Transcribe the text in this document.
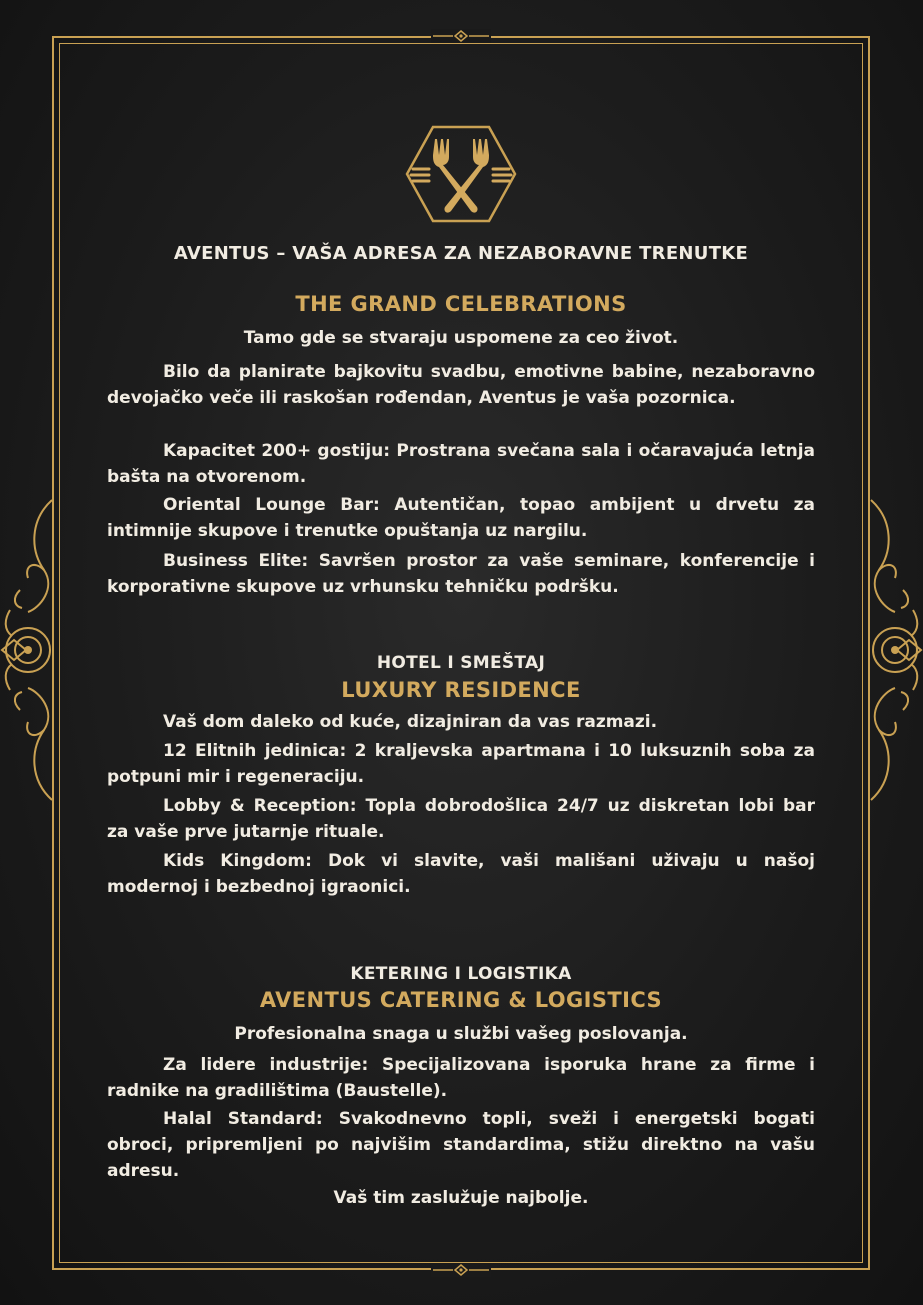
AVENTUS – VAŠA ADRESA ZA NEZABORAVNE TRENUTKE
THE GRAND CELEBRATIONS
Tamo gde se stvaraju uspomene za ceo život.
Bilo da planirate bajkovitu svadbu, emotivne babine, nezaboravno devojačko veče ili raskošan rođendan, Aventus je vaša pozornica.
Kapacitet 200+ gostiju: Prostrana svečana sala i očaravajuća letnja bašta na otvorenom.
Oriental Lounge Bar: Autentičan, topao ambijent u drvetu za intimnije skupove i trenutke opuštanja uz nargilu.
Business Elite: Savršen prostor za vaše seminare, konferencije i korporativne skupove uz vrhunsku tehničku podršku.
HOTEL I SMEŠTAJ
LUXURY RESIDENCE
Vaš dom daleko od kuće, dizajniran da vas razmazi.
12 Elitnih jedinica: 2 kraljevska apartmana i 10 luksuznih soba za potpuni mir i regeneraciju.
Lobby & Reception: Topla dobrodošlica 24/7 uz diskretan lobi bar za vaše prve jutarnje rituale.
Kids Kingdom: Dok vi slavite, vaši mališani uživaju u našoj modernoj i bezbednoj igraonici.
KETERING I LOGISTIKA
AVENTUS CATERING & LOGISTICS
Profesionalna snaga u službi vašeg poslovanja.
Za lidere industrije: Specijalizovana isporuka hrane za firme i radnike na gradilištima (Baustelle).
Halal Standard: Svakodnevno topli, sveži i energetski bogati obroci, pripremljeni po najvišim standardima, stižu direktno na vašu adresu.
Vaš tim zaslužuje najbolje.
